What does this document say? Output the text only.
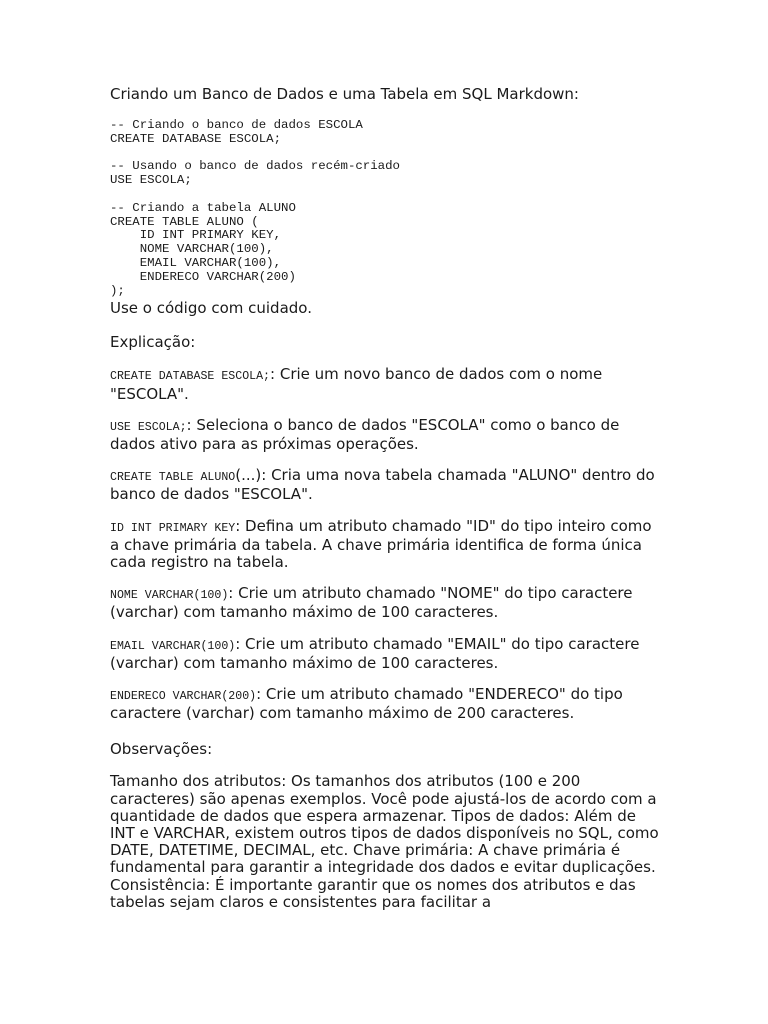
Criando um Banco de Dados e uma Tabela em SQL Markdown:
-- Criando o banco de dados ESCOLA
CREATE DATABASE ESCOLA;
-- Usando o banco de dados recém-criado
USE ESCOLA;
-- Criando a tabela ALUNO
CREATE TABLE ALUNO (
ID INT PRIMARY KEY,
NOME VARCHAR(100),
EMAIL VARCHAR(100),
ENDERECO VARCHAR(200)
);
Use o código com cuidado.
Explicação:
CREATE DATABASE ESCOLA;: Crie um novo banco de dados com o nome "ESCOLA".
USE ESCOLA;: Seleciona o banco de dados "ESCOLA" como o banco de dados ativo para as próximas operações.
CREATE TABLE ALUNO(...): Cria uma nova tabela chamada "ALUNO" dentro do banco de dados "ESCOLA".
ID INT PRIMARY KEY: Defina um atributo chamado "ID" do tipo inteiro como a chave primária da tabela. A chave primária identifica de forma única cada registro na tabela.
NOME VARCHAR(100): Crie um atributo chamado "NOME" do tipo caractere (varchar) com tamanho máximo de 100 caracteres.
EMAIL VARCHAR(100): Crie um atributo chamado "EMAIL" do tipo caractere (varchar) com tamanho máximo de 100 caracteres.
ENDERECO VARCHAR(200): Crie um atributo chamado "ENDERECO" do tipo caractere (varchar) com tamanho máximo de 200 caracteres.
Observações:
Tamanho dos atributos: Os tamanhos dos atributos (100 e 200 caracteres) são apenas exemplos. Você pode ajustá-los de acordo com a quantidade de dados que espera armazenar. Tipos de dados: Além de INT e VARCHAR, existem outros tipos de dados disponíveis no SQL, como DATE, DATETIME, DECIMAL, etc. Chave primária: A chave primária é fundamental para garantir a integridade dos dados e evitar duplicações. Consistência: É importante garantir que os nomes dos atributos e das tabelas sejam claros e consistentes para facilitar a
